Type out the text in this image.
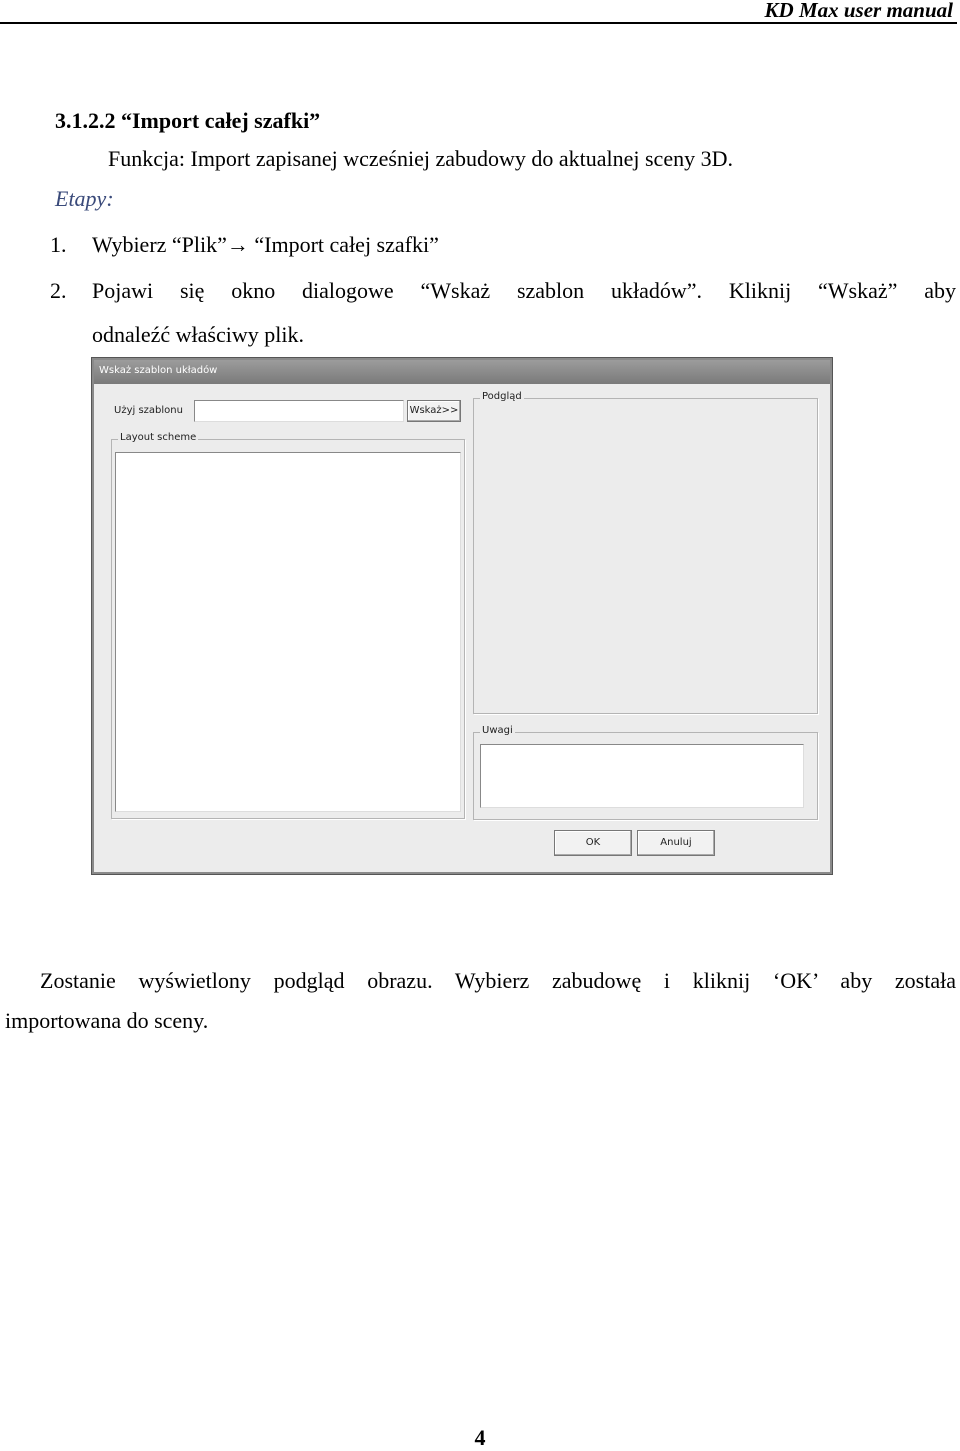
KD Max user manual
3.1.2.2 “Import całej szafki”
Funkcja: Import zapisanej wcześniej zabudowy do aktualnej sceny 3D.
Etapy:
1. Wybierz “Plik”→ “Import całej szafki”
2. Pojawi się okno dialogowe “Wskaż szablon układów”. Kliknij “Wskaż” aby
odnaleźć właściwy plik.
Wskaż szablon układów
Użyj szablonu	Wskaż>>
Layout scheme
Podgląd
Uwagi
OK	Anuluj
Zostanie wyświetlony podgląd obrazu. Wybierz zabudowę i kliknij ‘OK’ aby została
importowana do sceny.
4
